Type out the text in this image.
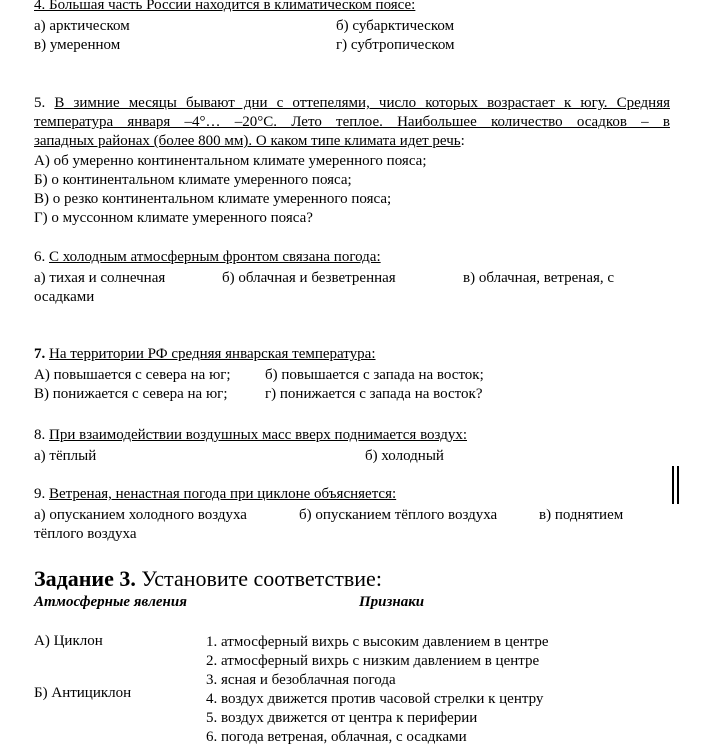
4. Большая часть России находится в климатическом поясе:
а) арктическом	б) субарктическом
в) умеренном	г) субтропическом
5. В зимние месяцы бывают дни с оттепелями, число которых возрастает к югу. Средняя
температура января –4°… –20°С. Лето теплое. Наибольшее количество осадков – в
западных районах (более 800 мм). О каком типе климата идет речь:
А) об умеренно континентальном климате умеренного пояса;
Б) о континентальном климате умеренного пояса;
В) о резко континентальном климате умеренного пояса;
Г) о муссонном климате умеренного пояса?
6. С холодным атмосферным фронтом связана погода:
а) тихая и солнечная	б) облачная и безветренная	в) облачная, ветреная, с
осадками
7. На территории РФ средняя январская температура:
А) повышается с севера на юг; б) повышается с запада на восток;
В) понижается с севера на юг;	г) понижается с запада на восток?
8. При взаимодействии воздушных масс вверх поднимается воздух:
а) тёплый	б) холодный
9. Ветреная, ненастная погода при циклоне объясняется:
а) опусканием холодного воздуха	б) опусканием тёплого воздуха	в) поднятием
тёплого воздуха
Задание 3. Установите соответствие:
Атмосферные явления	Признаки
А) Циклон
Б) Антициклон
1. атмосферный вихрь с высоким давлением в центре
2. атмосферный вихрь с низким давлением в центре
3. ясная и безоблачная погода
4. воздух движется против часовой стрелки к центру
5. воздух движется от центра к периферии
6. погода ветреная, облачная, с осадками
